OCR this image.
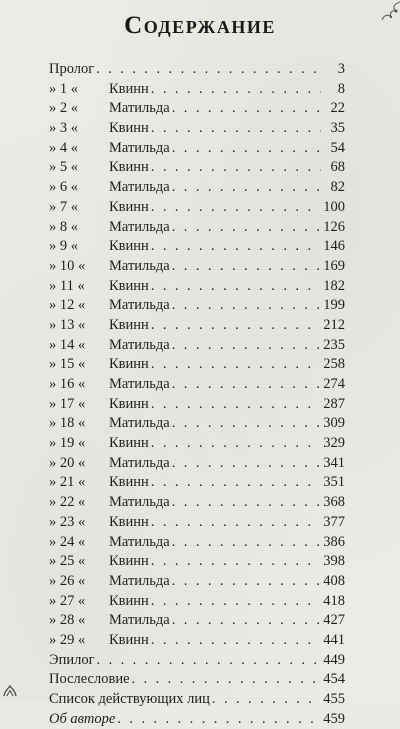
Содержание
Пролог . . .	3
» 1 «	Квинн . . .	8
» 2 «	Матильда . . .	22
» 3 «	Квинн . . .	35
» 4 «	Матильда . . .	54
» 5 «	Квинн . . .	68
» 6 «	Матильда . . .	82
» 7 «	Квинн . . .	100
» 8 «	Матильда . . .	126
» 9 «	Квинн . . .	146
» 10 «	Матильда . . .	169
» 11 «	Квинн . . .	182
» 12 «	Матильда . . .	199
» 13 «	Квинн . . .	212
» 14 «	Матильда . . .	235
» 15 «	Квинн . . .	258
» 16 «	Матильда . . .	274
» 17 «	Квинн . . .	287
» 18 «	Матильда . . .	309
» 19 «	Квинн . . .	329
» 20 «	Матильда . . .	341
» 21 «	Квинн . . .	351
» 22 «	Матильда . . .	368
» 23 «	Квинн . . .	377
» 24 «	Матильда . . .	386
» 25 «	Квинн . . .	398
» 26 «	Матильда . . .	408
» 27 «	Квинн . . .	418
» 28 «	Матильда . . .	427
» 29 «	Квинн . . .	441
Эпилог . . .	449
Послесловие . . .	454
Список действующих лиц . . .	455
Об авторе . . .	459
